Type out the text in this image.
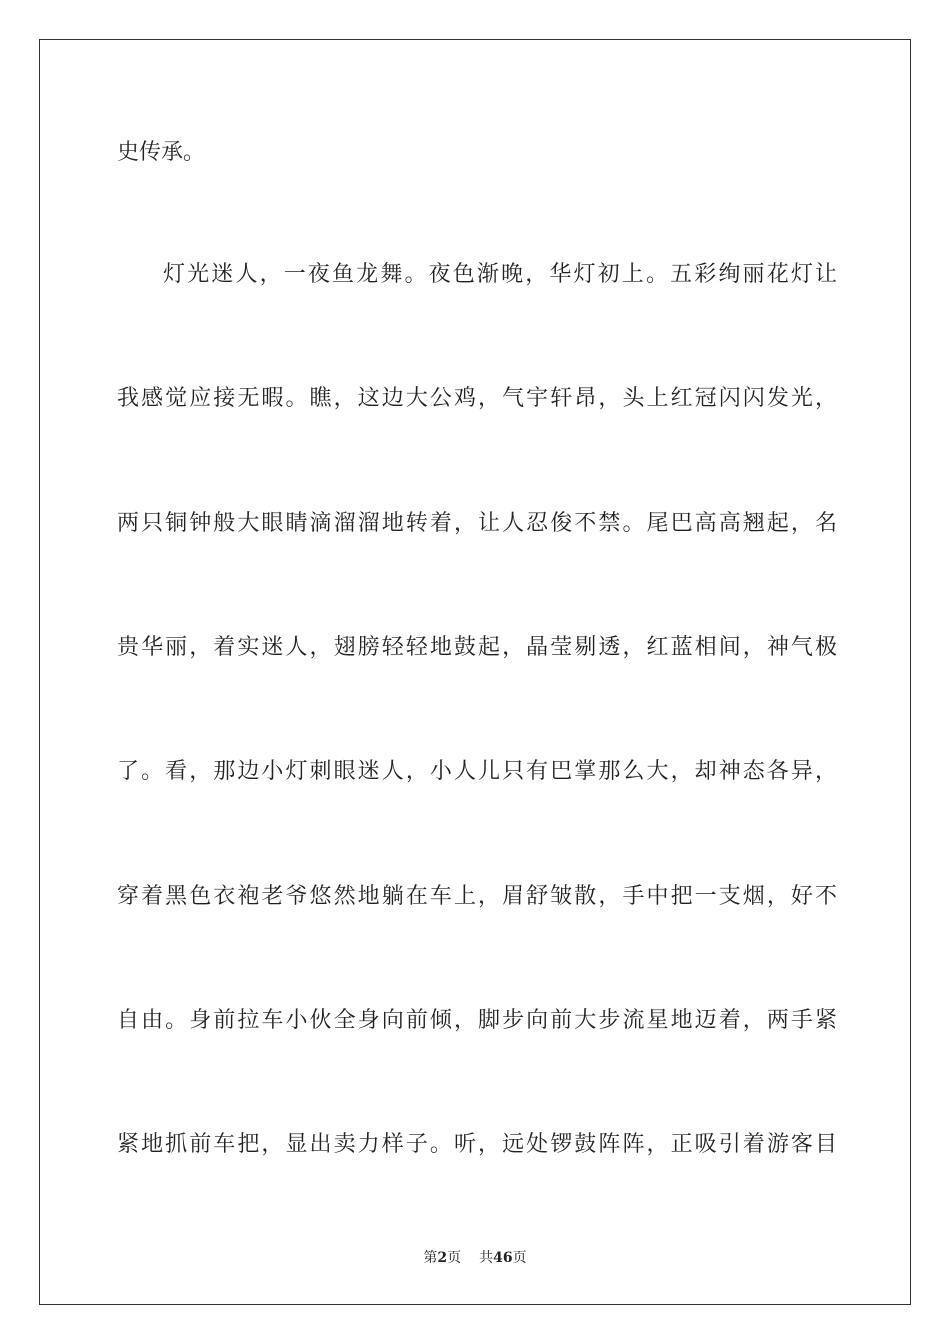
史传承。
灯光迷人，一夜鱼龙舞。夜色渐晚，华灯初上。五彩绚丽花灯让
我感觉应接无暇。瞧，这边大公鸡，气宇轩昂，头上红冠闪闪发光，
两只铜钟般大眼睛滴溜溜地转着，让人忍俊不禁。尾巴高高翘起，名
贵华丽，着实迷人，翅膀轻轻地鼓起，晶莹剔透，红蓝相间，神气极
了。看，那边小灯刺眼迷人，小人儿只有巴掌那么大，却神态各异，
穿着黑色衣袍老爷悠然地躺在车上，眉舒皱散，手中把一支烟，好不
自由。身前拉车小伙全身向前倾，脚步向前大步流星地迈着，两手紧
紧地抓前车把，显出卖力样子。听，远处锣鼓阵阵，正吸引着游客目
第2页 共46页
